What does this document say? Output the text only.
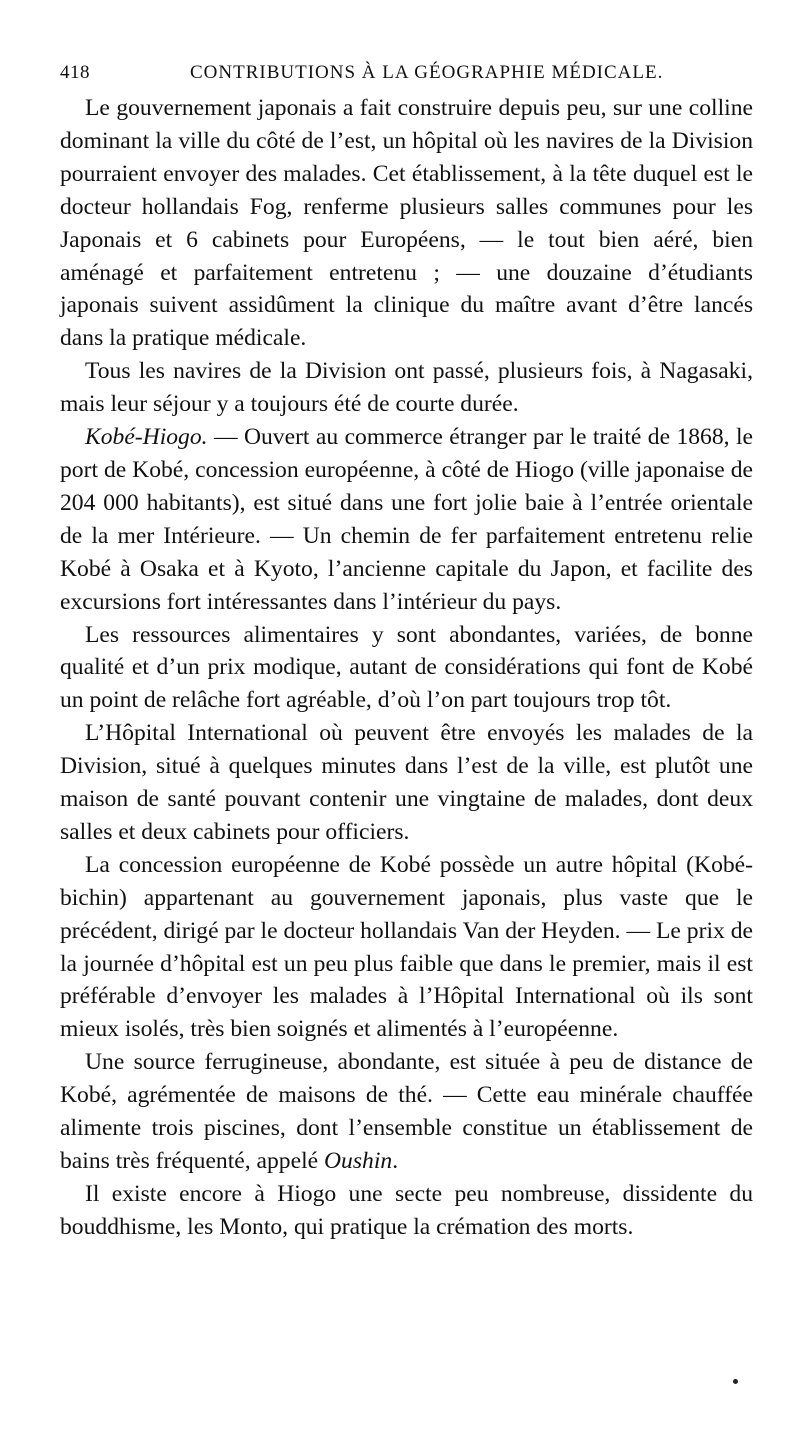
418	CONTRIBUTIONS À LA GÉOGRAPHIE MÉDICALE.

Le gouvernement japonais a fait construire depuis peu, sur une colline dominant la ville du côté de l’est, un hôpital où les navires de la Division pourraient envoyer des malades. Cet établissement, à la tête duquel est le docteur hollandais Fog, renferme plusieurs salles communes pour les Japonais et 6 cabinets pour Européens, — le tout bien aéré, bien aménagé et parfaitement entretenu ; — une douzaine d’étudiants japonais suivent assidûment la clinique du maître avant d’être lancés dans la pratique médicale.

Tous les navires de la Division ont passé, plusieurs fois, à Nagasaki, mais leur séjour y a toujours été de courte durée.

Kobé-Hiogo. — Ouvert au commerce étranger par le traité de 1868, le port de Kobé, concession européenne, à côté de Hiogo (ville japonaise de 204 000 habitants), est situé dans une fort jolie baie à l’entrée orientale de la mer Intérieure. — Un chemin de fer parfaitement entretenu relie Kobé à Osaka et à Kyoto, l’ancienne capitale du Japon, et facilite des excursions fort intéressantes dans l’intérieur du pays.

Les ressources alimentaires y sont abondantes, variées, de bonne qualité et d’un prix modique, autant de considérations qui font de Kobé un point de relâche fort agréable, d’où l’on part toujours trop tôt.

L’Hôpital International où peuvent être envoyés les malades de la Division, situé à quelques minutes dans l’est de la ville, est plutôt une maison de santé pouvant contenir une vingtaine de malades, dont deux salles et deux cabinets pour officiers.

La concession européenne de Kobé possède un autre hôpital (Kobé-bichin) appartenant au gouvernement japonais, plus vaste que le précédent, dirigé par le docteur hollandais Van der Heyden. — Le prix de la journée d’hôpital est un peu plus faible que dans le premier, mais il est préférable d’envoyer les malades à l’Hôpital International où ils sont mieux isolés, très bien soignés et alimentés à l’européenne.

Une source ferrugineuse, abondante, est située à peu de distance de Kobé, agrémentée de maisons de thé. — Cette eau minérale chauffée alimente trois piscines, dont l’ensemble constitue un établissement de bains très fréquenté, appelé Oushin.

Il existe encore à Hiogo une secte peu nombreuse, dissidente du bouddhisme, les Monto, qui pratique la crémation des morts.
